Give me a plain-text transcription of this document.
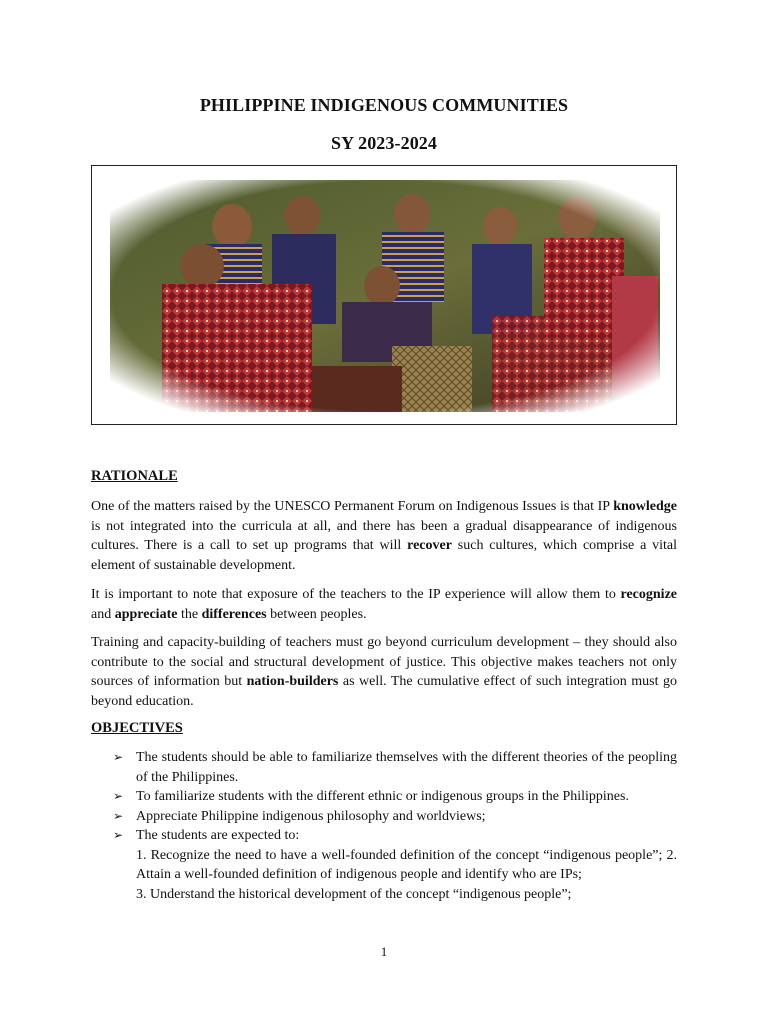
PHILIPPINE INDIGENOUS COMMUNITIES
SY 2023-2024
RATIONALE
One of the matters raised by the UNESCO Permanent Forum on Indigenous Issues is that IP knowledge is not integrated into the curricula at all, and there has been a gradual disappearance of indigenous cultures. There is a call to set up programs that will recover such cultures, which comprise a vital element of sustainable development.
It is important to note that exposure of the teachers to the IP experience will allow them to recognize and appreciate the differences between peoples.
Training and capacity-building of teachers must go beyond curriculum development – they should also contribute to the social and structural development of justice. This objective makes teachers not only sources of information but nation-builders as well. The cumulative effect of such integration must go beyond education.
OBJECTIVES
➢ The students should be able to familiarize themselves with the different theories of the peopling of the Philippines.
➢ To familiarize students with the different ethnic or indigenous groups in the Philippines.
➢ Appreciate Philippine indigenous philosophy and worldviews;
➢ The students are expected to:
1. Recognize the need to have a well-founded definition of the concept “indigenous people”; 2. Attain a well-founded definition of indigenous people and identify who are IPs;
3. Understand the historical development of the concept “indigenous people”;
1
